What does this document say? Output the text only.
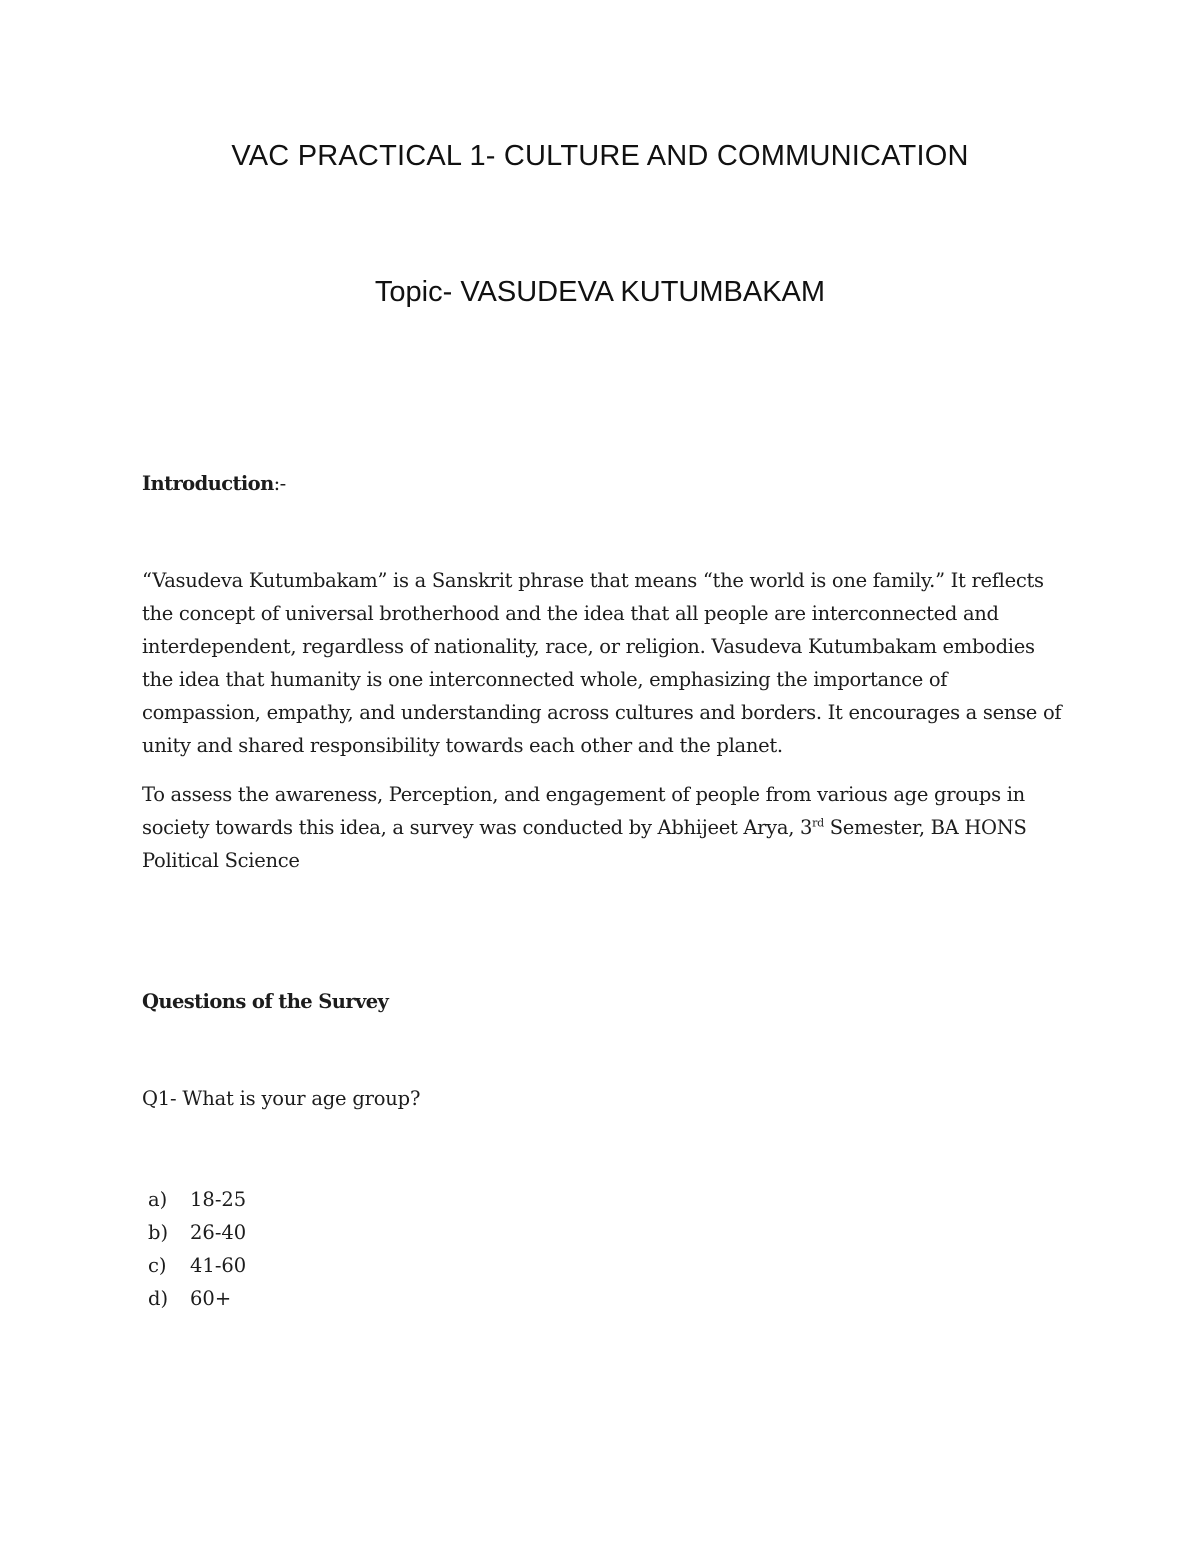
VAC PRACTICAL 1- CULTURE AND COMMUNICATION
Topic- VASUDEVA KUTUMBAKAM

Introduction:-

“Vasudeva Kutumbakam” is a Sanskrit phrase that means “the world is one family.” It reflects the concept of universal brotherhood and the idea that all people are interconnected and interdependent, regardless of nationality, race, or religion. Vasudeva Kutumbakam embodies the idea that humanity is one interconnected whole, emphasizing the importance of compassion, empathy, and understanding across cultures and borders. It encourages a sense of unity and shared responsibility towards each other and the planet.

To assess the awareness, Perception, and engagement of people from various age groups in society towards this idea, a survey was conducted by Abhijeet Arya, 3rd Semester, BA HONS Political Science

Questions of the Survey

Q1- What is your age group?

a)	18-25
b)	26-40
c)	41-60
d)	60+
